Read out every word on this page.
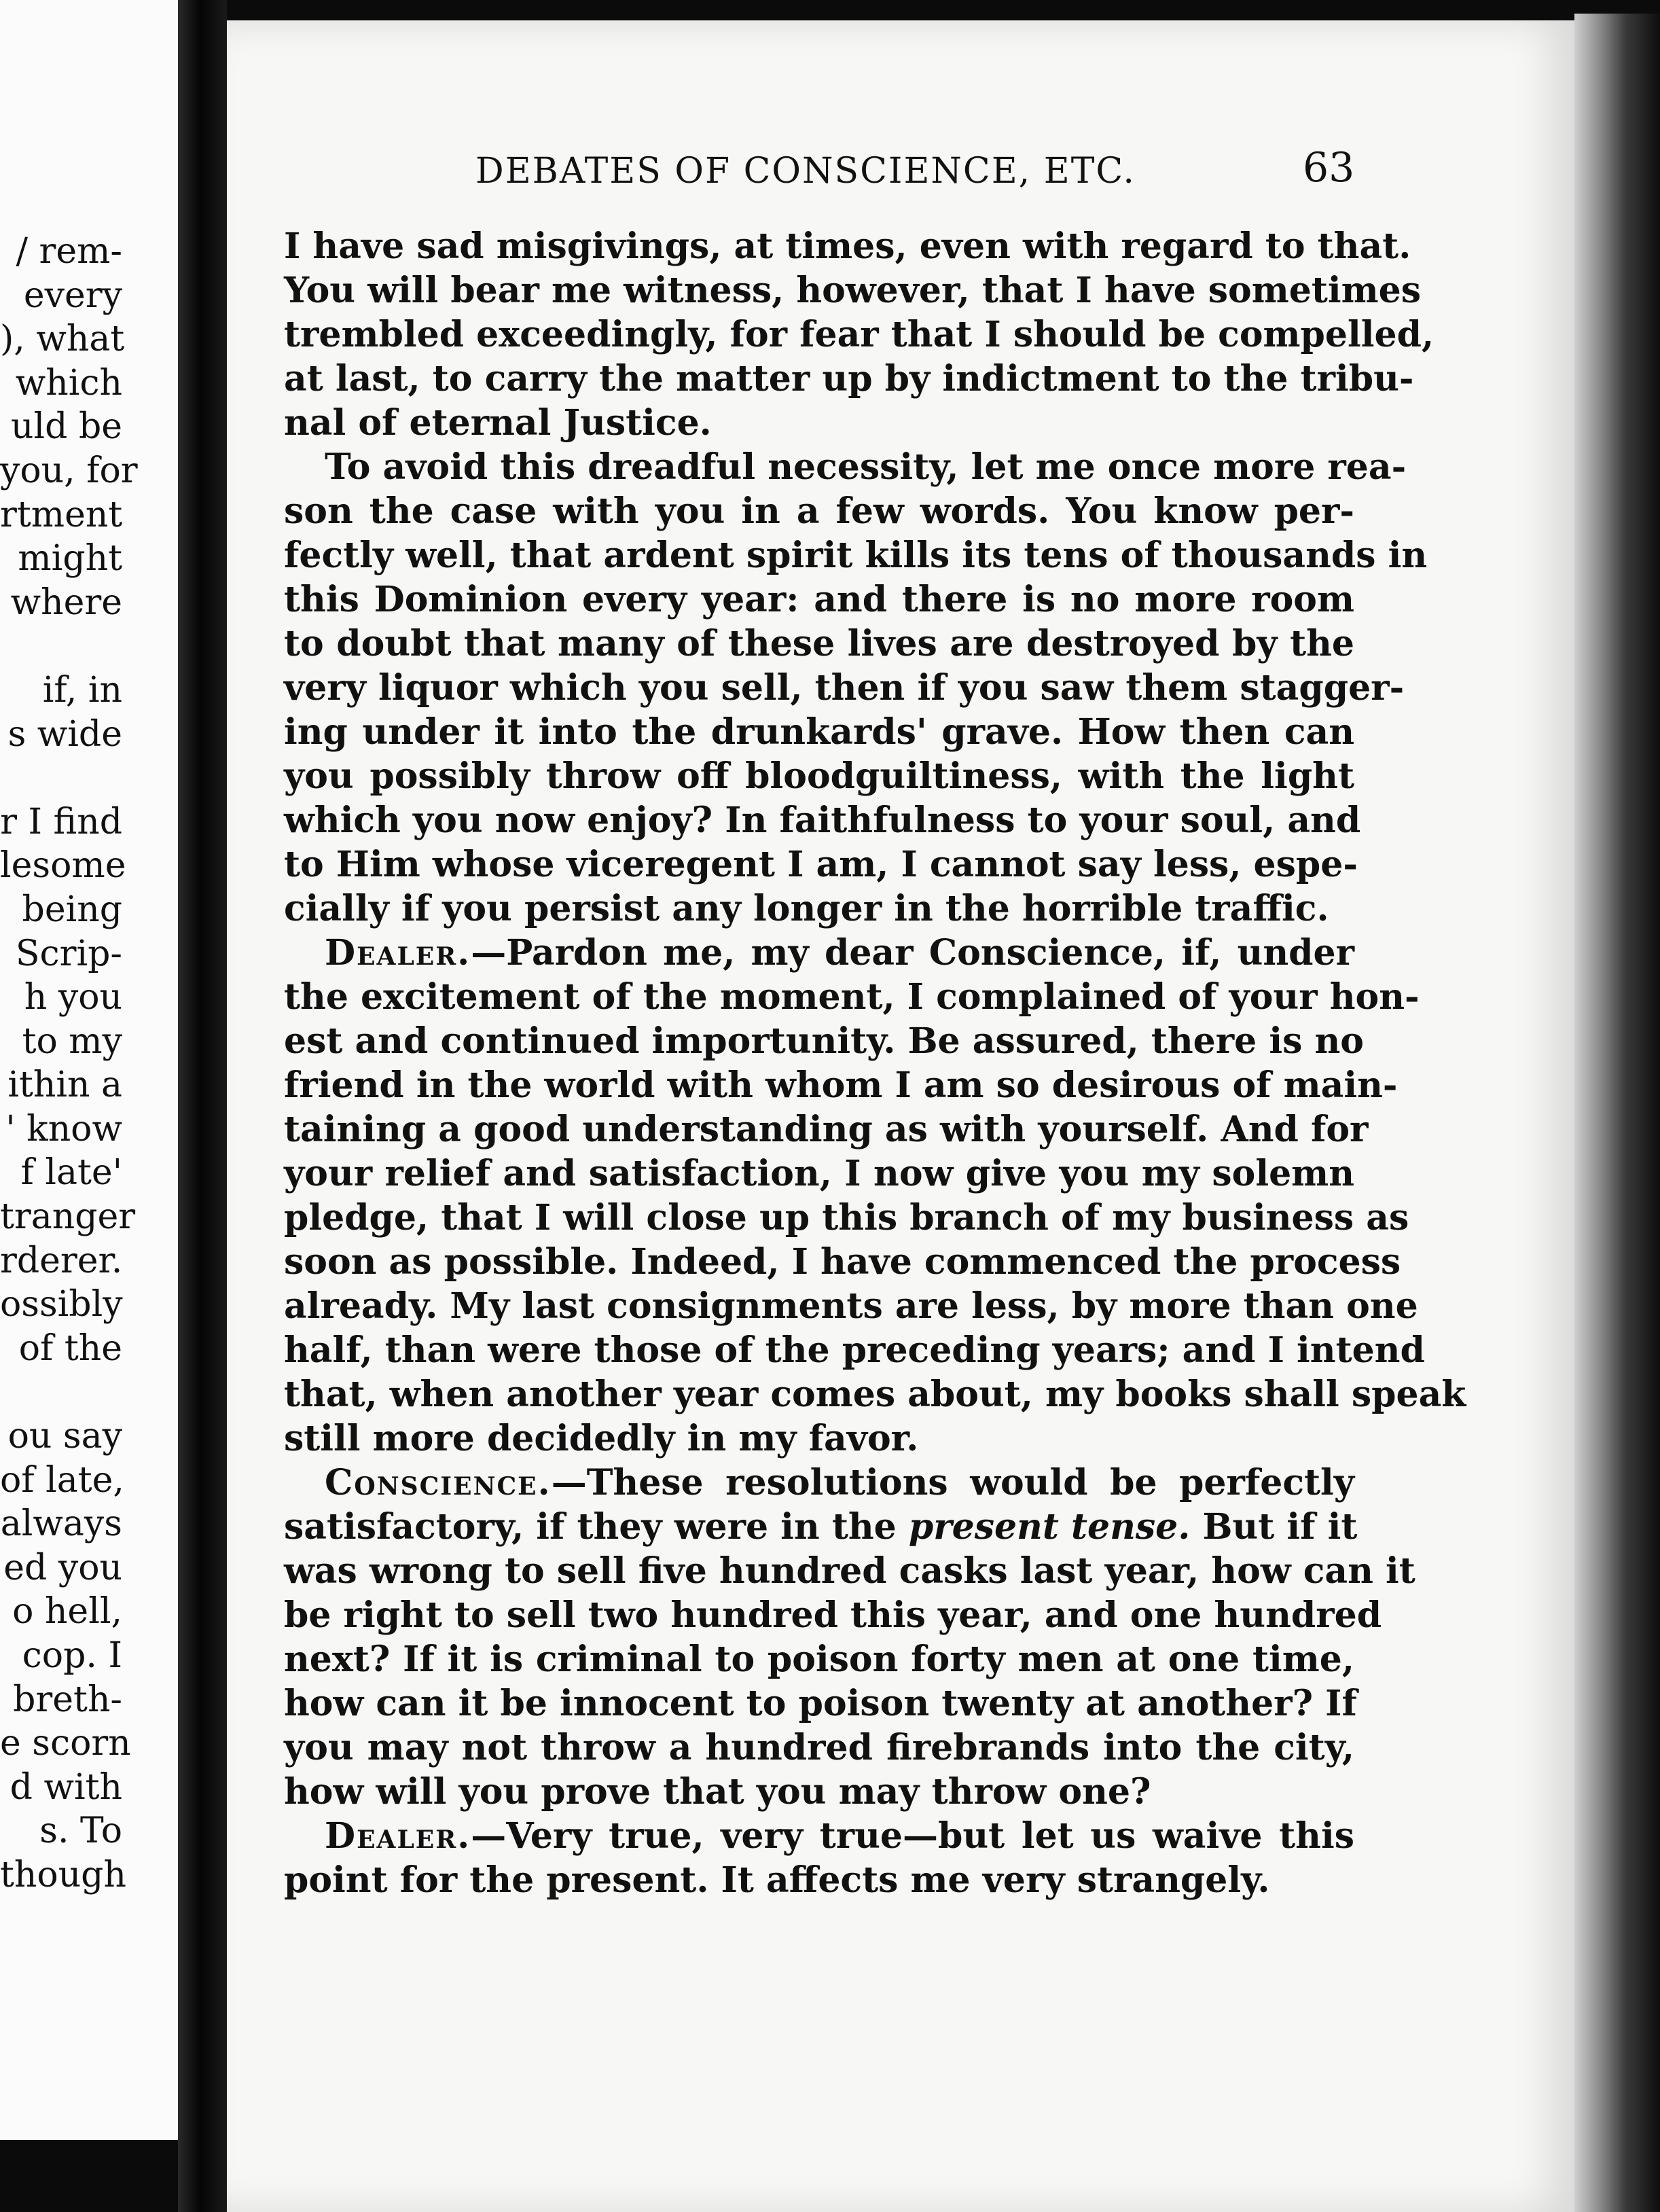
/ rem-
every
), what
which
uld be
you, for
rtment
might
where

if, in
s wide

r I find
lesome
being
Scrip-
h you
to my
ithin a
' know
f late'
tranger
rderer.
ossibly
of the

ou say
of late,
always
ed you
o hell,
cop. I
breth-
e scorn
d with
s. To
though
DEBATES OF CONSCIENCE, ETC.	63
I have sad misgivings, at times, even with regard to that.
You will bear me witness, however, that I have sometimes
trembled exceedingly, for fear that I should be compelled,
at last, to carry the matter up by indictment to the tribu-
nal of eternal Justice.
To avoid this dreadful necessity, let me once more rea-
son the case with you in a few words. You know per-
fectly well, that ardent spirit kills its tens of thousands in
this Dominion every year: and there is no more room
to doubt that many of these lives are destroyed by the
very liquor which you sell, then if you saw them stagger-
ing under it into the drunkards' grave. How then can
you possibly throw off bloodguiltiness, with the light
which you now enjoy? In faithfulness to your soul, and
to Him whose viceregent I am, I cannot say less, espe-
cially if you persist any longer in the horrible traffic.
Dealer.—Pardon me, my dear Conscience, if, under
the excitement of the moment, I complained of your hon-
est and continued importunity. Be assured, there is no
friend in the world with whom I am so desirous of main-
taining a good understanding as with yourself. And for
your relief and satisfaction, I now give you my solemn
pledge, that I will close up this branch of my business as
soon as possible. Indeed, I have commenced the process
already. My last consignments are less, by more than one
half, than were those of the preceding years; and I intend
that, when another year comes about, my books shall speak
still more decidedly in my favor.
Conscience.—These resolutions would be perfectly
satisfactory, if they were in the present tense. But if it
was wrong to sell five hundred casks last year, how can it
be right to sell two hundred this year, and one hundred
next? If it is criminal to poison forty men at one time,
how can it be innocent to poison twenty at another? If
you may not throw a hundred firebrands into the city,
how will you prove that you may throw one?
Dealer.—Very true, very true—but let us waive this
point for the present. It affects me very strangely.
